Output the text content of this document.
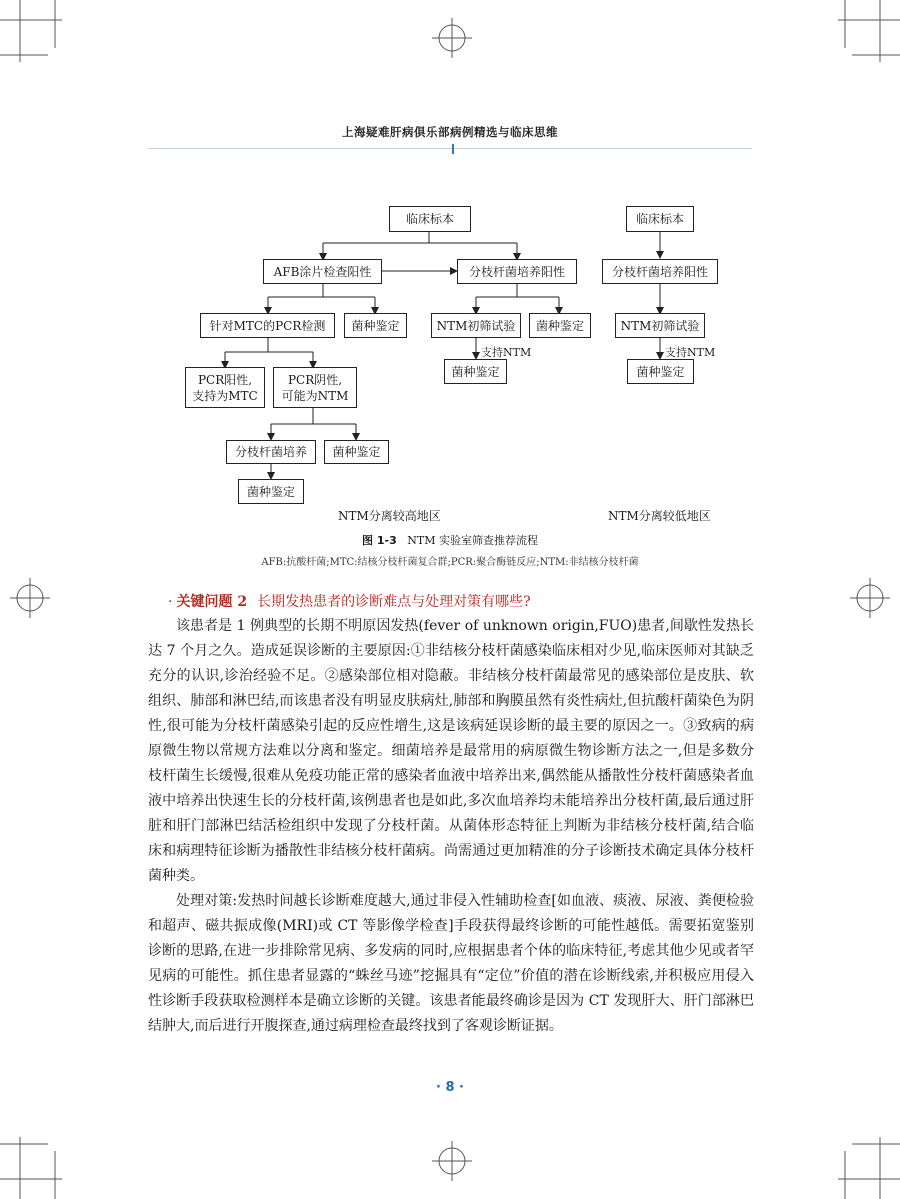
上海疑难肝病俱乐部病例精选与临床思维
临床标本
AFB涂片检查阳性	分枝杆菌培养阳性
针对MTC的PCR检测	菌种鉴定	NTM初筛试验	菌种鉴定
支持NTM
菌种鉴定
PCR阳性,
支持为MTC
PCR阴性,
可能为NTM
分枝杆菌培养	菌种鉴定
菌种鉴定
NTM分离较高地区
临床标本
分枝杆菌培养阳性
NTM初筛试验
支持NTM
菌种鉴定
NTM分离较低地区
图 1-3 NTM 实验室筛查推荐流程
AFB:抗酸杆菌;MTC:结核分枝杆菌复合群;PCR:聚合酶链反应;NTM:非结核分枝杆菌
· 关键问题 2 长期发热患者的诊断难点与处理对策有哪些?

该患者是 1 例典型的长期不明原因发热(fever of unknown origin,FUO)患者,间歇性发热长达 7 个月之久。造成延误诊断的主要原因:①非结核分枝杆菌感染临床相对少见,临床医师对其缺乏充分的认识,诊治经验不足。②感染部位相对隐蔽。非结核分枝杆菌最常见的感染部位是皮肤、软组织、肺部和淋巴结,而该患者没有明显皮肤病灶,肺部和胸膜虽然有炎性病灶,但抗酸杆菌染色为阴性,很可能为分枝杆菌感染引起的反应性增生,这是该病延误诊断的最主要的原因之一。③致病的病原微生物以常规方法难以分离和鉴定。细菌培养是最常用的病原微生物诊断方法之一,但是多数分枝杆菌生长缓慢,很难从免疫功能正常的感染者血液中培养出来,偶然能从播散性分枝杆菌感染者血液中培养出快速生长的分枝杆菌,该例患者也是如此,多次血培养均未能培养出分枝杆菌,最后通过肝脏和肝门部淋巴结活检组织中发现了分枝杆菌。从菌体形态特征上判断为非结核分枝杆菌,结合临床和病理特征诊断为播散性非结核分枝杆菌病。尚需通过更加精准的分子诊断技术确定具体分枝杆菌种类。

处理对策:发热时间越长诊断难度越大,通过非侵入性辅助检查[如血液、痰液、尿液、粪便检验和超声、磁共振成像(MRI)或 CT 等影像学检查]手段获得最终诊断的可能性越低。需要拓宽鉴别诊断的思路,在进一步排除常见病、多发病的同时,应根据患者个体的临床特征,考虑其他少见或者罕见病的可能性。抓住患者显露的“蛛丝马迹”挖掘具有“定位”价值的潜在诊断线索,并积极应用侵入性诊断手段获取检测样本是确立诊断的关键。该患者能最终确诊是因为 CT 发现肝大、肝门部淋巴结肿大,而后进行开腹探查,通过病理检查最终找到了客观诊断证据。

· 8 ·
